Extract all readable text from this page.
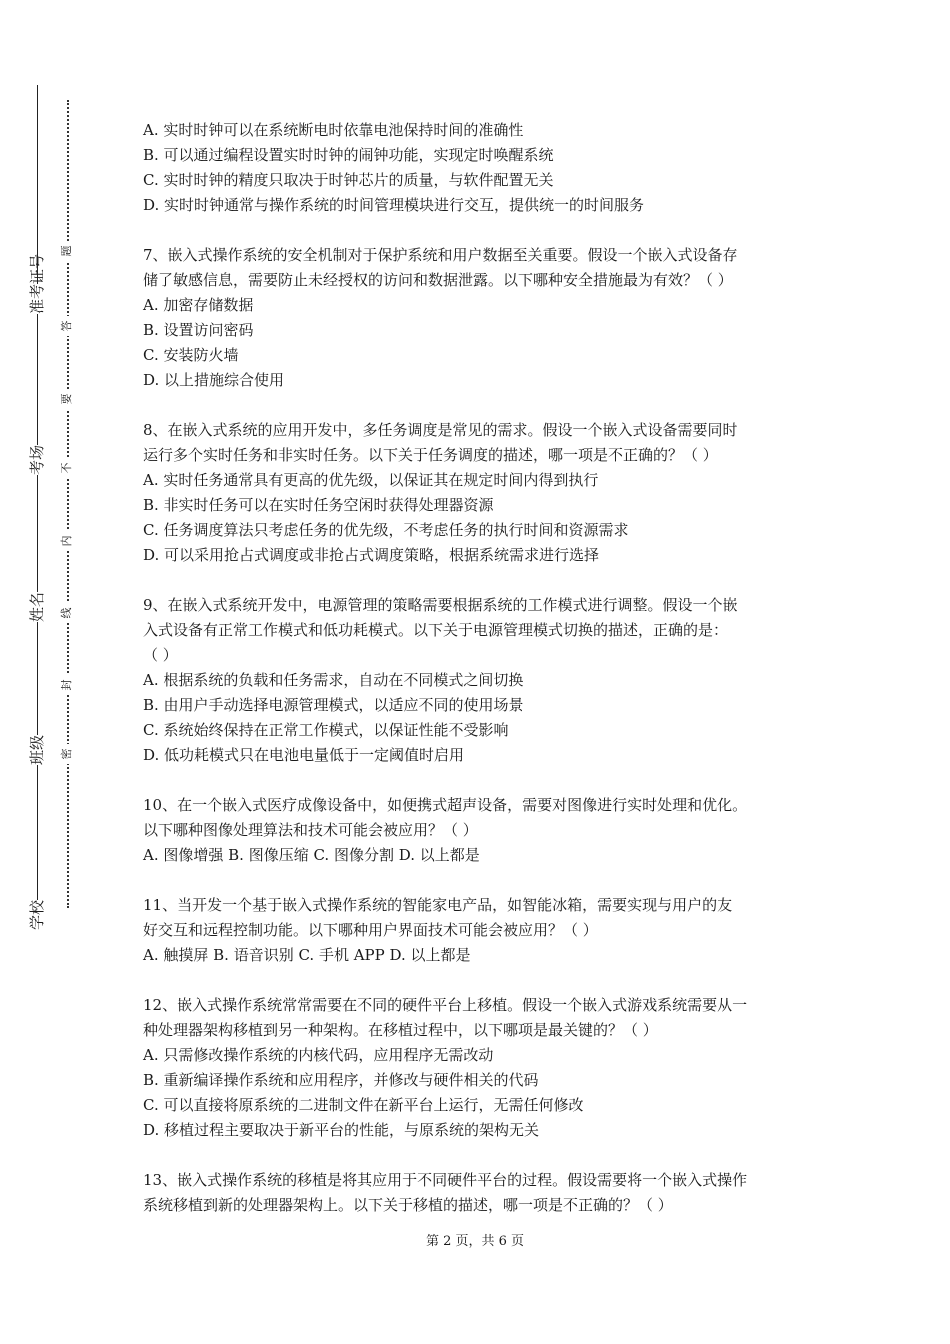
准考证号
考场
姓名
班级
学校
题
答
要
不
内
线
封
密
A. 实时时钟可以在系统断电时依靠电池保持时间的准确性
B. 可以通过编程设置实时时钟的闹钟功能，实现定时唤醒系统
C. 实时时钟的精度只取决于时钟芯片的质量，与软件配置无关
D. 实时时钟通常与操作系统的时间管理模块进行交互，提供统一的时间服务
7、嵌入式操作系统的安全机制对于保护系统和用户数据至关重要。假设一个嵌入式设备存
储了敏感信息，需要防止未经授权的访问和数据泄露。以下哪种安全措施最为有效？（ ）
A. 加密存储数据
B. 设置访问密码
C. 安装防火墙
D. 以上措施综合使用
8、在嵌入式系统的应用开发中，多任务调度是常见的需求。假设一个嵌入式设备需要同时
运行多个实时任务和非实时任务。以下关于任务调度的描述，哪一项是不正确的？（ ）
A. 实时任务通常具有更高的优先级，以保证其在规定时间内得到执行
B. 非实时任务可以在实时任务空闲时获得处理器资源
C. 任务调度算法只考虑任务的优先级，不考虑任务的执行时间和资源需求
D. 可以采用抢占式调度或非抢占式调度策略，根据系统需求进行选择
9、在嵌入式系统开发中，电源管理的策略需要根据系统的工作模式进行调整。假设一个嵌
入式设备有正常工作模式和低功耗模式。以下关于电源管理模式切换的描述，正确的是：
（ ）
A. 根据系统的负载和任务需求，自动在不同模式之间切换
B. 由用户手动选择电源管理模式，以适应不同的使用场景
C. 系统始终保持在正常工作模式，以保证性能不受影响
D. 低功耗模式只在电池电量低于一定阈值时启用
10、在一个嵌入式医疗成像设备中，如便携式超声设备，需要对图像进行实时处理和优化。
以下哪种图像处理算法和技术可能会被应用？（ ）
A. 图像增强 B. 图像压缩 C. 图像分割 D. 以上都是
11、当开发一个基于嵌入式操作系统的智能家电产品，如智能冰箱，需要实现与用户的友
好交互和远程控制功能。以下哪种用户界面技术可能会被应用？（ ）
A. 触摸屏 B. 语音识别 C. 手机 APP D. 以上都是
12、嵌入式操作系统常常需要在不同的硬件平台上移植。假设一个嵌入式游戏系统需要从一
种处理器架构移植到另一种架构。在移植过程中，以下哪项是最关键的？（ ）
A. 只需修改操作系统的内核代码，应用程序无需改动
B. 重新编译操作系统和应用程序，并修改与硬件相关的代码
C. 可以直接将原系统的二进制文件在新平台上运行，无需任何修改
D. 移植过程主要取决于新平台的性能，与原系统的架构无关
13、嵌入式操作系统的移植是将其应用于不同硬件平台的过程。假设需要将一个嵌入式操作
系统移植到新的处理器架构上。以下关于移植的描述，哪一项是不正确的？（ ）
第 2 页，共 6 页
